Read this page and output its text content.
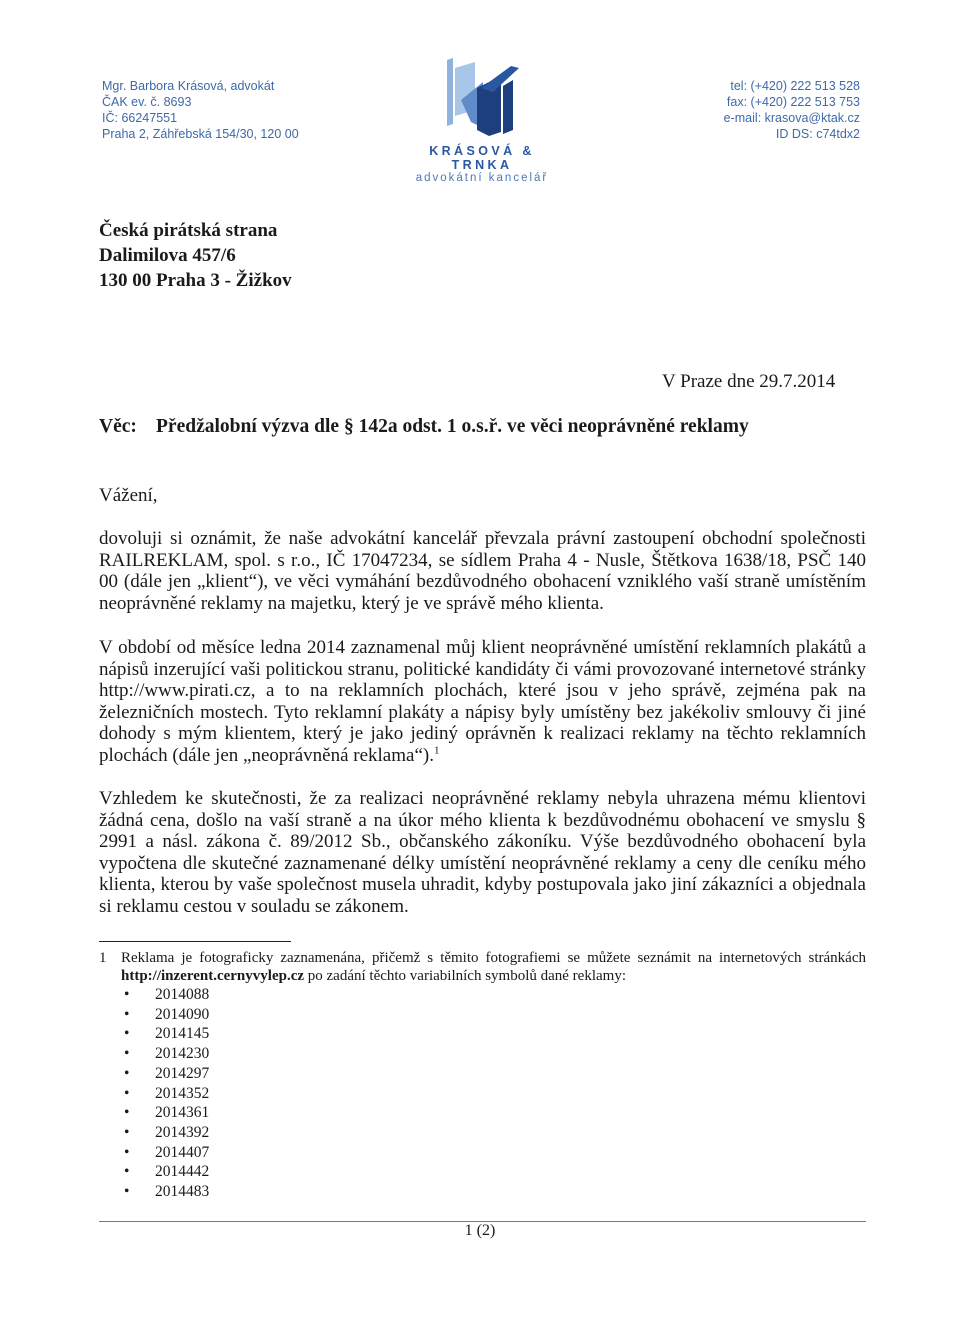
Mgr. Barbora Krásová, advokát
ČAK ev. č. 8693
IČ: 66247551
Praha 2, Záhřebská 154/30, 120 00
KRÁSOVÁ & TRNKA
advokátní kancelář
tel: (+420) 222 513 528
fax: (+420) 222 513 753
e-mail: krasova@ktak.cz
ID DS: c74tdx2
Česká pirátská strana
Dalimilova 457/6
130 00 Praha 3 - Žižkov
V Praze dne 29.7.2014
Věc: Předžalobní výzva dle § 142a odst. 1 o.s.ř. ve věci neoprávněné reklamy
Vážení,

dovoluji si oznámit, že naše advokátní kancelář převzala právní zastoupení obchodní společnosti RAILREKLAM, spol. s r.o., IČ 17047234, se sídlem Praha 4 - Nusle, Štětkova 1638/18, PSČ 140 00 (dále jen „klient“), ve věci vymáhání bezdůvodného obohacení vzniklého vaší straně umístěním neoprávněné reklamy na majetku, který je ve správě mého klienta.

V období od měsíce ledna 2014 zaznamenal můj klient neoprávněné umístění reklamních plakátů a nápisů inzerující vaši politickou stranu, politické kandidáty či vámi provozované internetové stránky http://www.pirati.cz, a to na reklamních plochách, které jsou v jeho správě, zejména pak na železničních mostech. Tyto reklamní plakáty a nápisy byly umístěny bez jakékoliv smlouvy či jiné dohody s mým klientem, který je jako jediný oprávněn k realizaci reklamy na těchto reklamních plochách (dále jen „neoprávněná reklama“).$^1$

Vzhledem ke skutečnosti, že za realizaci neoprávněné reklamy nebyla uhrazena mému klientovi žádná cena, došlo na vaší straně a na úkor mého klienta k bezdůvodnému obohacení ve smyslu § 2991 a násl. zákona č. 89/2012 Sb., občanského zákoníku. Výše bezdůvodného obohacení byla vypočtena dle skutečné zaznamenané délky umístění neoprávněné reklamy a ceny dle ceníku mého klienta, kterou by vaše společnost musela uhradit, kdyby postupovala jako jiní zákazníci a objednala si reklamu cestou v souladu se zákonem.

1 Reklama je fotograficky zaznamenána, přičemž s těmito fotografiemi se můžete seznámit na internetových stránkách http://inzerent.cernyvylep.cz po zadání těchto variabilních symbolů dané reklamy:
• 2014088
• 2014090
• 2014145
• 2014230
• 2014297
• 2014352
• 2014361
• 2014392
• 2014407
• 2014442
• 2014483
1 (2)
